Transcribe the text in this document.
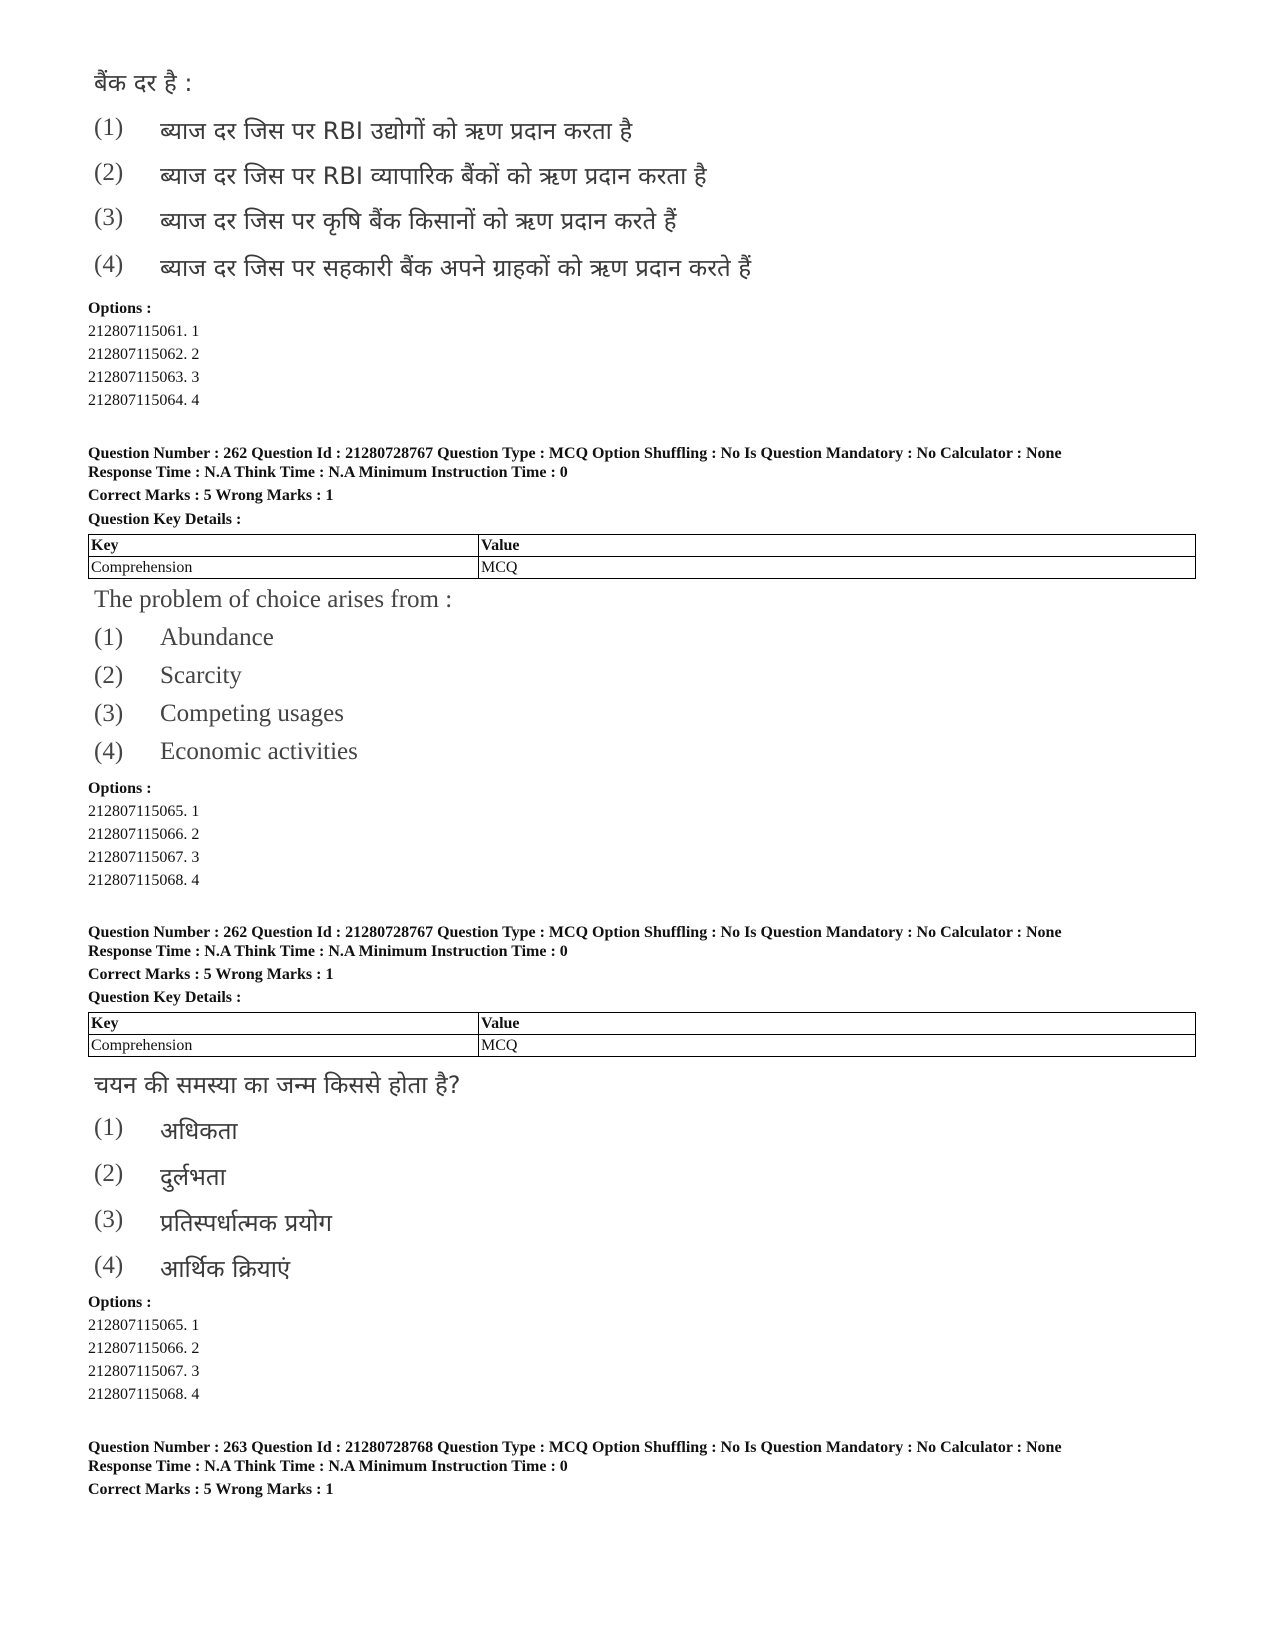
बैंक दर है :
(1) ब्याज दर जिस पर RBI उद्योगों को ऋण प्रदान करता है
(2) ब्याज दर जिस पर RBI व्यापारिक बैंकों को ऋण प्रदान करता है
(3) ब्याज दर जिस पर कृषि बैंक किसानों को ऋण प्रदान करते हैं
(4) ब्याज दर जिस पर सहकारी बैंक अपने ग्राहकों को ऋण प्रदान करते हैं
Options :
212807115061. 1
212807115062. 2
212807115063. 3
212807115064. 4
Question Number : 262 Question Id : 21280728767 Question Type : MCQ Option Shuffling : No Is Question Mandatory : No Calculator : None
Response Time : N.A Think Time : N.A Minimum Instruction Time : 0
Correct Marks : 5 Wrong Marks : 1
Question Key Details :
Key	Value
Comprehension	MCQ
The problem of choice arises from :
(1) Abundance
(2) Scarcity
(3) Competing usages
(4) Economic activities
Options :
212807115065. 1
212807115066. 2
212807115067. 3
212807115068. 4
Question Number : 262 Question Id : 21280728767 Question Type : MCQ Option Shuffling : No Is Question Mandatory : No Calculator : None
Response Time : N.A Think Time : N.A Minimum Instruction Time : 0
Correct Marks : 5 Wrong Marks : 1
Question Key Details :
Key	Value
Comprehension	MCQ
चयन की समस्या का जन्म किससे होता है?
(1) अधिकता
(2) दुर्लभता
(3) प्रतिस्पर्धात्मक प्रयोग
(4) आर्थिक क्रियाएं
Options :
212807115065. 1
212807115066. 2
212807115067. 3
212807115068. 4
Question Number : 263 Question Id : 21280728768 Question Type : MCQ Option Shuffling : No Is Question Mandatory : No Calculator : None
Response Time : N.A Think Time : N.A Minimum Instruction Time : 0
Correct Marks : 5 Wrong Marks : 1
